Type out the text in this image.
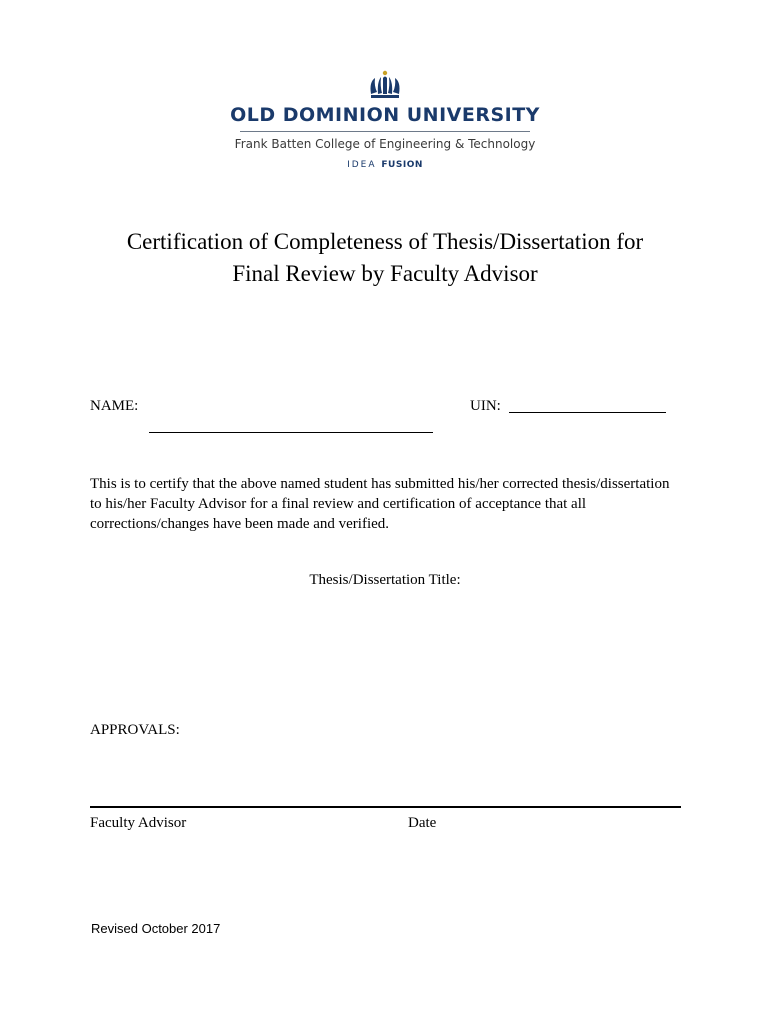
OLD DOMINION UNIVERSITY
Frank Batten College of Engineering & Technology
IDEA FUSION
Certification of Completeness of Thesis/Dissertation for
Final Review by Faculty Advisor
NAME:	UIN:
This is to certify that the above named student has submitted his/her corrected thesis/dissertation to his/her Faculty Advisor for a final review and certification of acceptance that all corrections/changes have been made and verified.
Thesis/Dissertation Title:
APPROVALS:
Faculty Advisor	Date
Revised October 2017
